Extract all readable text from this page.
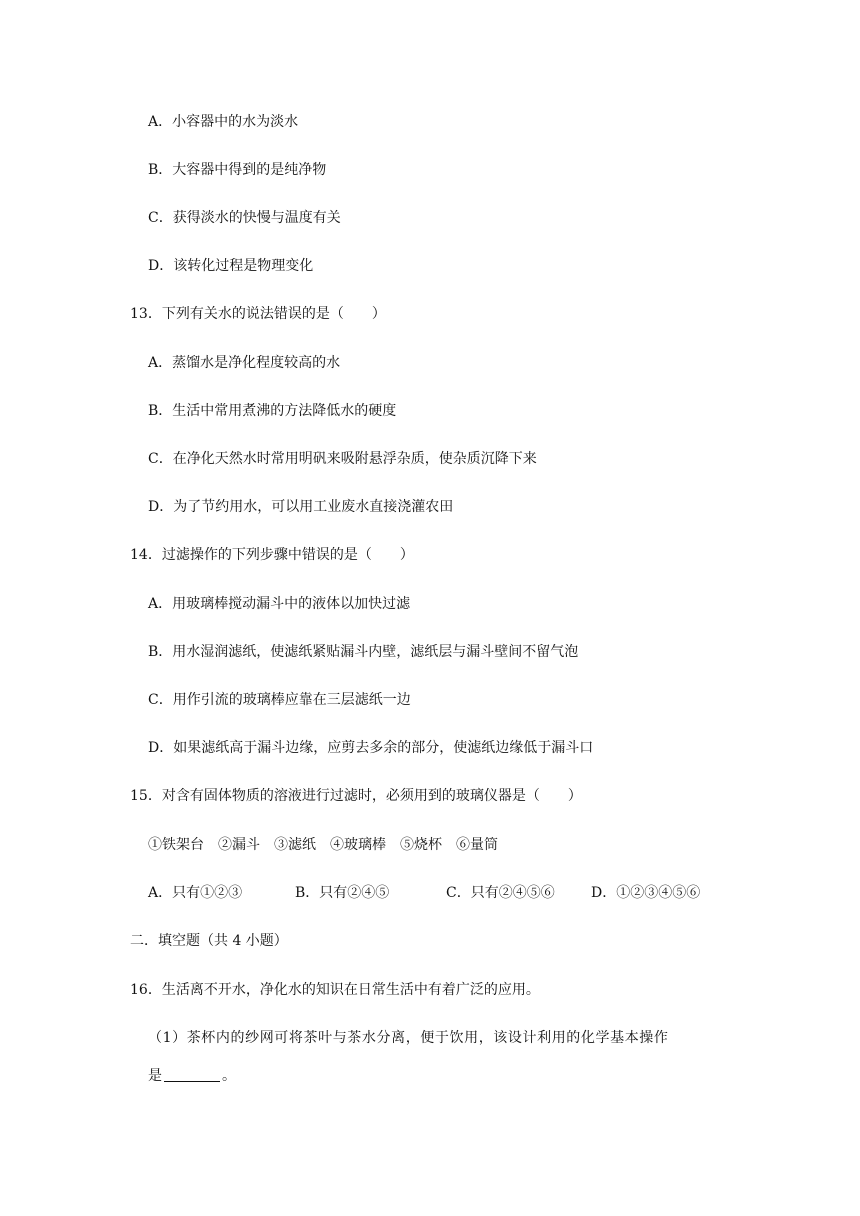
A．小容器中的水为淡水
B．大容器中得到的是纯净物
C．获得淡水的快慢与温度有关
D．该转化过程是物理变化
13．下列有关水的说法错误的是（　　）
A．蒸馏水是净化程度较高的水
B．生活中常用煮沸的方法降低水的硬度
C．在净化天然水时常用明矾来吸附悬浮杂质，使杂质沉降下来
D．为了节约用水，可以用工业废水直接浇灌农田
14．过滤操作的下列步骤中错误的是（　　）
A．用玻璃棒搅动漏斗中的液体以加快过滤
B．用水湿润滤纸，使滤纸紧贴漏斗内壁，滤纸层与漏斗壁间不留气泡
C．用作引流的玻璃棒应靠在三层滤纸一边
D．如果滤纸高于漏斗边缘，应剪去多余的部分，使滤纸边缘低于漏斗口
15．对含有固体物质的溶液进行过滤时，必须用到的玻璃仪器是（　　）
①铁架台　②漏斗　③滤纸　④玻璃棒　⑤烧杯　⑥量筒
A．只有①②③	B．只有②④⑤	C．只有②④⑤⑥	D．①②③④⑤⑥
二．填空题（共 4 小题）
16．生活离不开水，净化水的知识在日常生活中有着广泛的应用。
（1）茶杯内的纱网可将茶叶与茶水分离，便于饮用，该设计利用的化学基本操作
是	。
